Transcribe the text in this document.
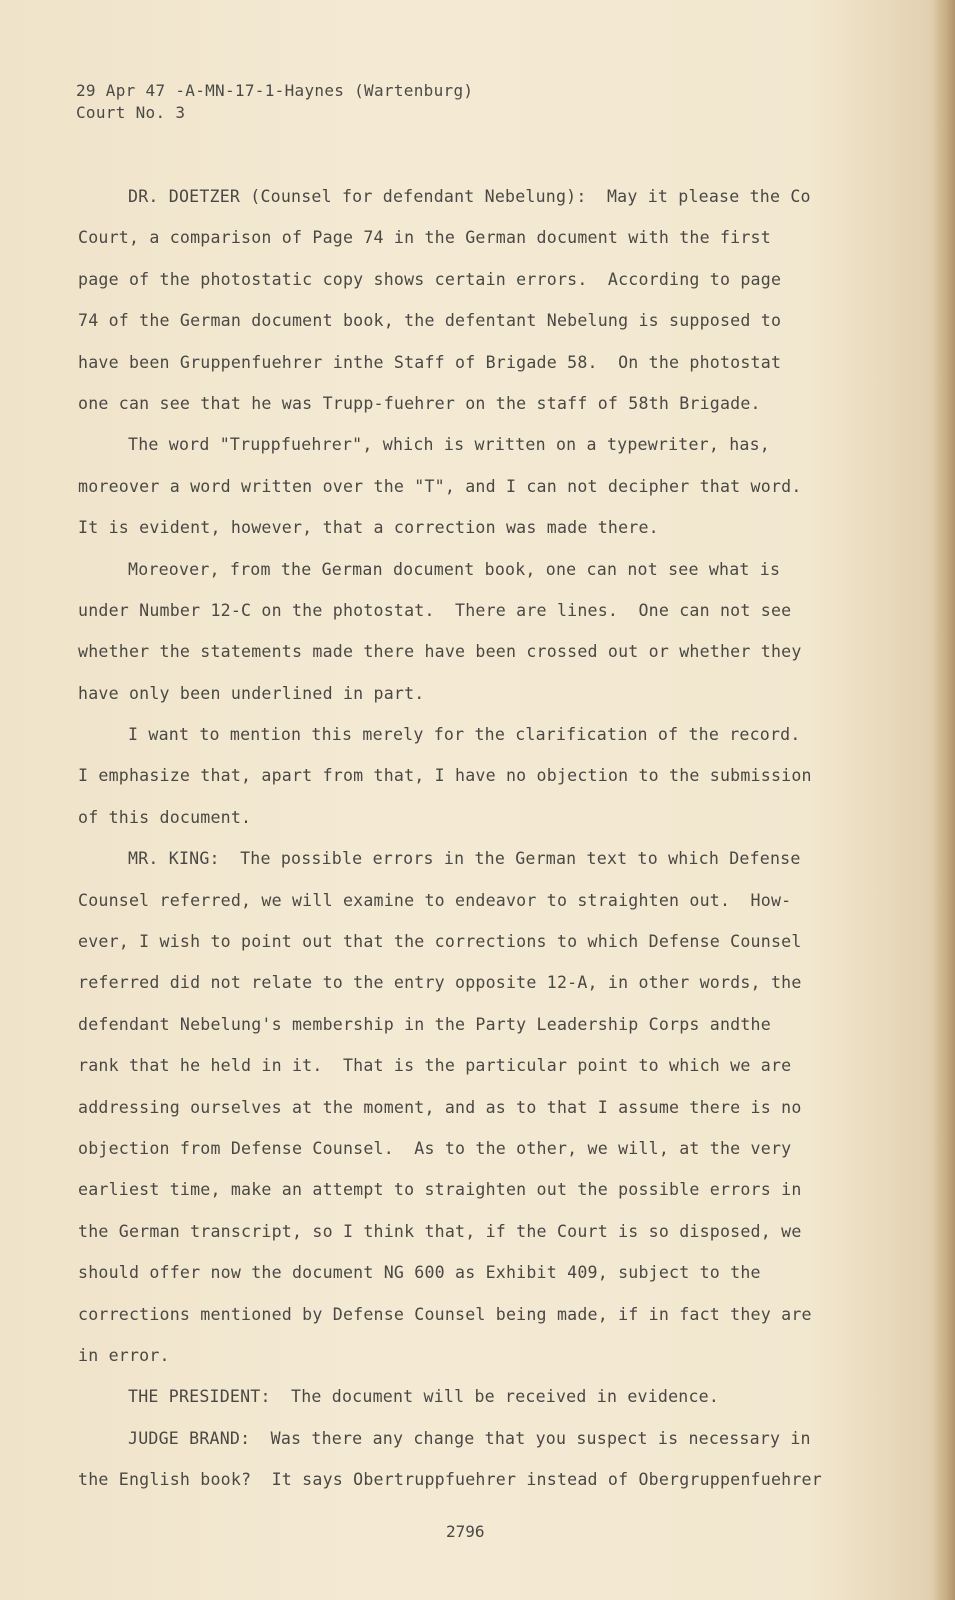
29 Apr 47 -A-MN-17-1-Haynes (Wartenburg)
Court No. 3
DR. DOETZER (Counsel for defendant Nebelung):  May it please the Co
Court, a comparison of Page 74 in the German document with the first
page of the photostatic copy shows certain errors.  According to page
74 of the German document book, the defentant Nebelung is supposed to
have been Gruppenfuehrer inthe Staff of Brigade 58.  On the photostat
one can see that he was Trupp-fuehrer on the staff of 58th Brigade.
The word "Truppfuehrer", which is written on a typewriter, has,
moreover a word written over the "T", and I can not decipher that word.
It is evident, however, that a correction was made there.
Moreover, from the German document book, one can not see what is
under Number 12-C on the photostat.  There are lines.  One can not see
whether the statements made there have been crossed out or whether they
have only been underlined in part.
I want to mention this merely for the clarification of the record.
I emphasize that, apart from that, I have no objection to the submission
of this document.
MR. KING:  The possible errors in the German text to which Defense
Counsel referred, we will examine to endeavor to straighten out.  How-
ever, I wish to point out that the corrections to which Defense Counsel
referred did not relate to the entry opposite 12-A, in other words, the
defendant Nebelung's membership in the Party Leadership Corps andthe
rank that he held in it.  That is the particular point to which we are
addressing ourselves at the moment, and as to that I assume there is no
objection from Defense Counsel.  As to the other, we will, at the very
earliest time, make an attempt to straighten out the possible errors in
the German transcript, so I think that, if the Court is so disposed, we
should offer now the document NG 600 as Exhibit 409, subject to the
corrections mentioned by Defense Counsel being made, if in fact they are
in error.
THE PRESIDENT:  The document will be received in evidence.
JUDGE BRAND:  Was there any change that you suspect is necessary in
the English book?  It says Obertruppfuehrer instead of Obergruppenfuehrer
2796
